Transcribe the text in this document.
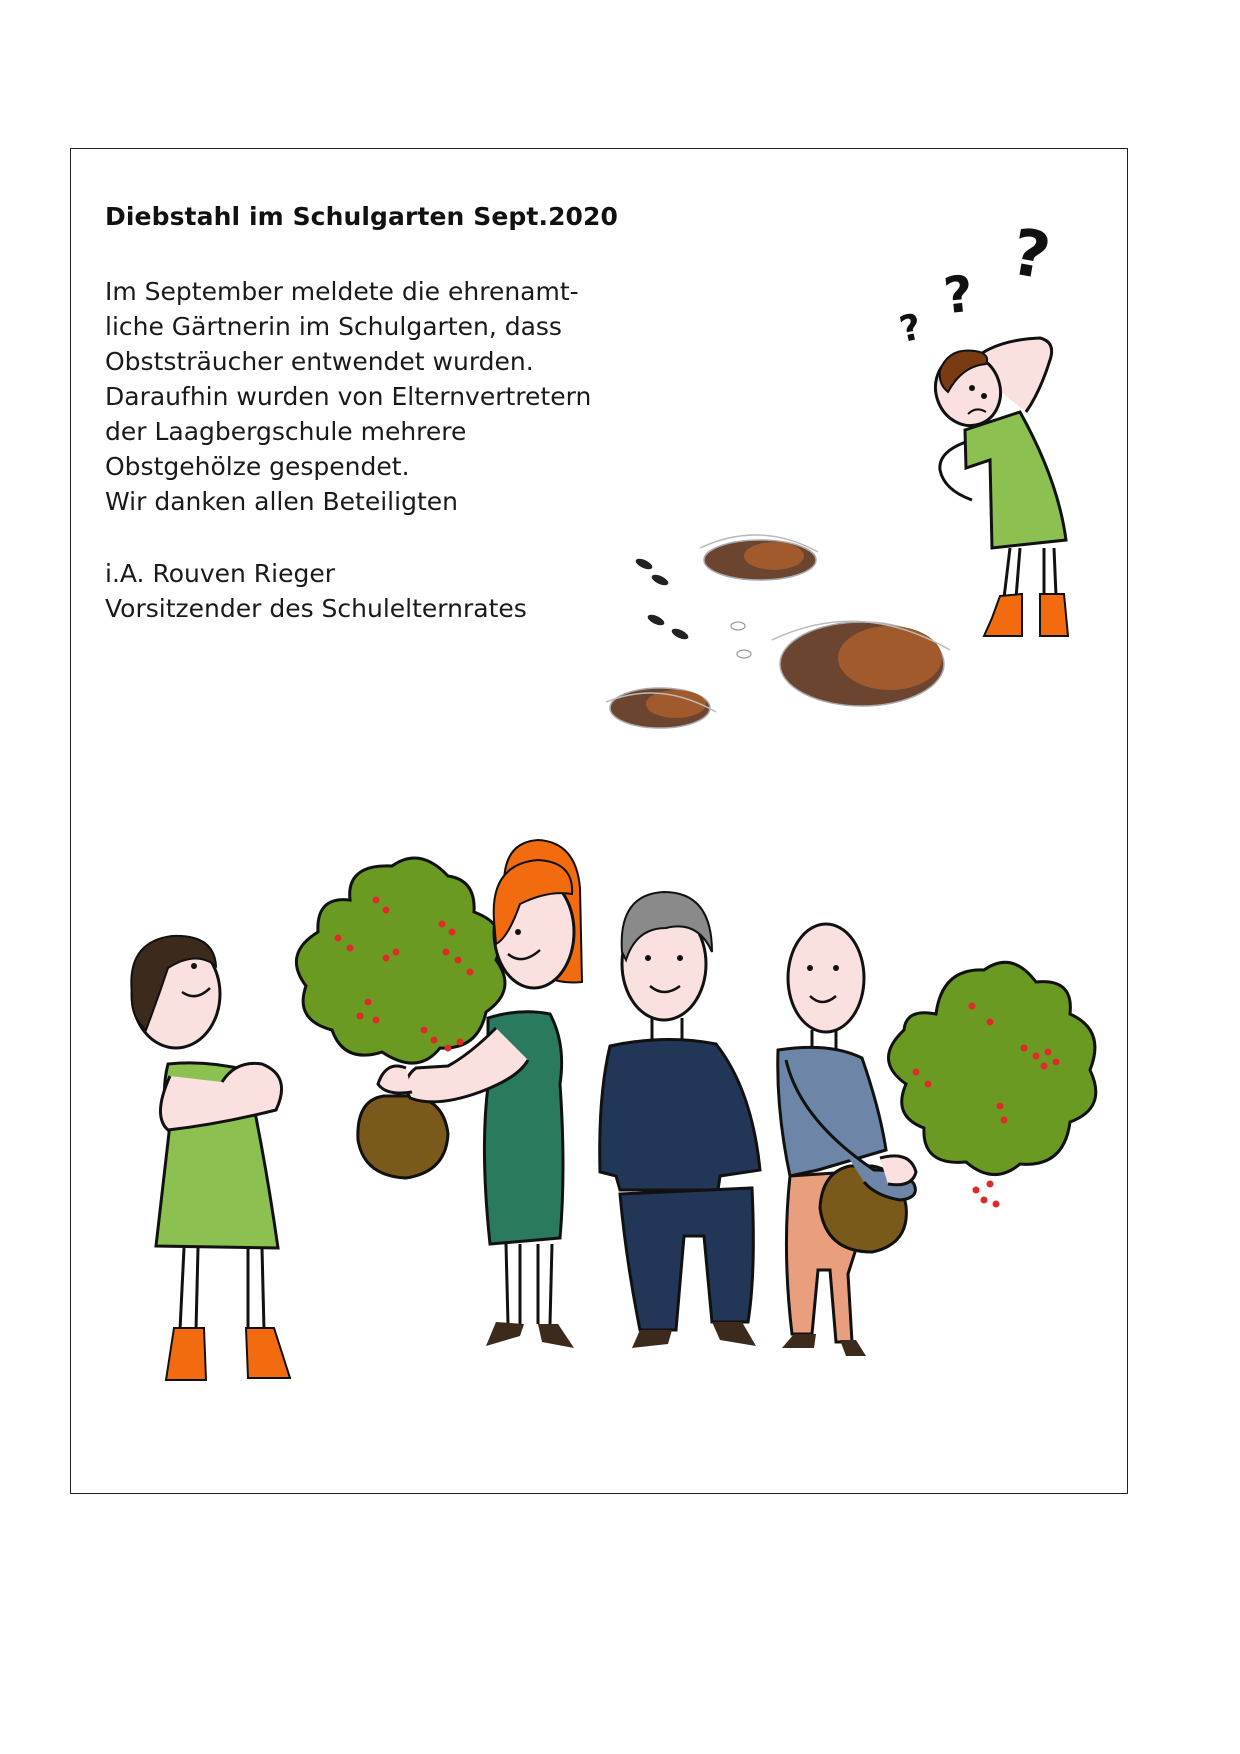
Diebstahl im Schulgarten Sept.2020
Im September meldete die ehrenamt-
liche Gärtnerin im Schulgarten, dass
Obststräucher entwendet wurden.
Daraufhin wurden von Elternvertretern
der Laagbergschule mehrere
Obstgehölze gespendet.
Wir danken allen Beteiligten
i.A. Rouven Rieger
Vorsitzender des Schulelternrates
?
?
?
